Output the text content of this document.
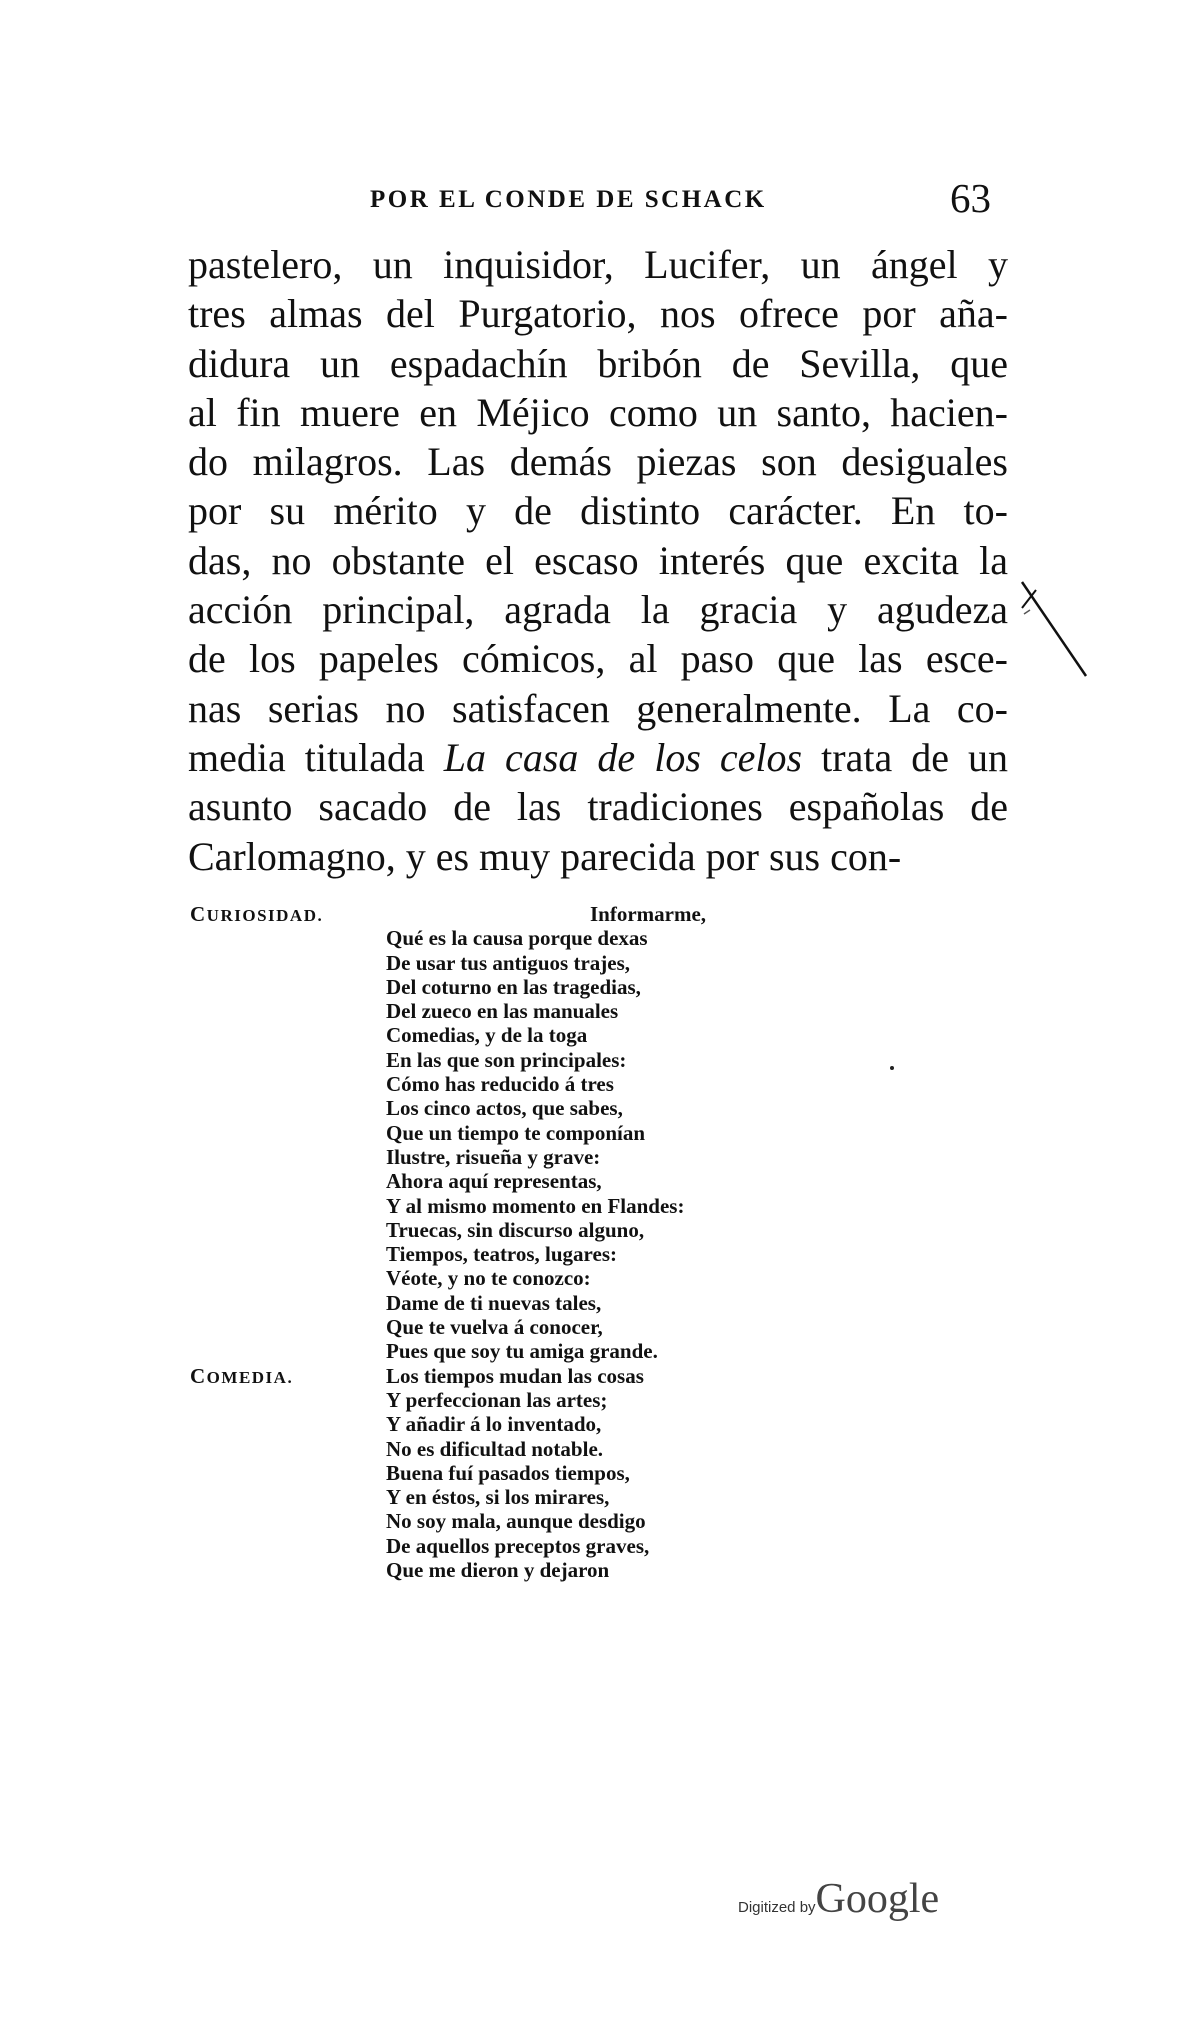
POR EL CONDE DE SCHACK	63
pastelero, un inquisidor, Lucifer, un ángel y
tres almas del Purgatorio, nos ofrece por aña-
didura un espadachín bribón de Sevilla, que
al fin muere en Méjico como un santo, hacien-
do milagros. Las demás piezas son desiguales
por su mérito y de distinto carácter. En to-
das, no obstante el escaso interés que excita la
acción principal, agrada la gracia y agudeza
de los papeles cómicos, al paso que las esce-
nas serias no satisfacen generalmente. La co-
media titulada La casa de los celos trata de un
asunto sacado de las tradiciones españolas de
Carlomagno, y es muy parecida por sus con-
CURIOSIDAD.	Informarme,
Qué es la causa porque dexas
De usar tus antiguos trajes,
Del coturno en las tragedias,
Del zueco en las manuales
Comedias, y de la toga
En las que son principales:
Cómo has reducido á tres
Los cinco actos, que sabes,
Que un tiempo te componían
Ilustre, risueña y grave:
Ahora aquí representas,
Y al mismo momento en Flandes:
Truecas, sin discurso alguno,
Tiempos, teatros, lugares:
Véote, y no te conozco:
Dame de ti nuevas tales,
Que te vuelva á conocer,
Pues que soy tu amiga grande.
COMEDIA.	Los tiempos mudan las cosas
Y perfeccionan las artes;
Y añadir á lo inventado,
No es dificultad notable.
Buena fuí pasados tiempos,
Y en éstos, si los mirares,
No soy mala, aunque desdigo
De aquellos preceptos graves,
Que me dieron y dejaron
Digitized byGoogle
